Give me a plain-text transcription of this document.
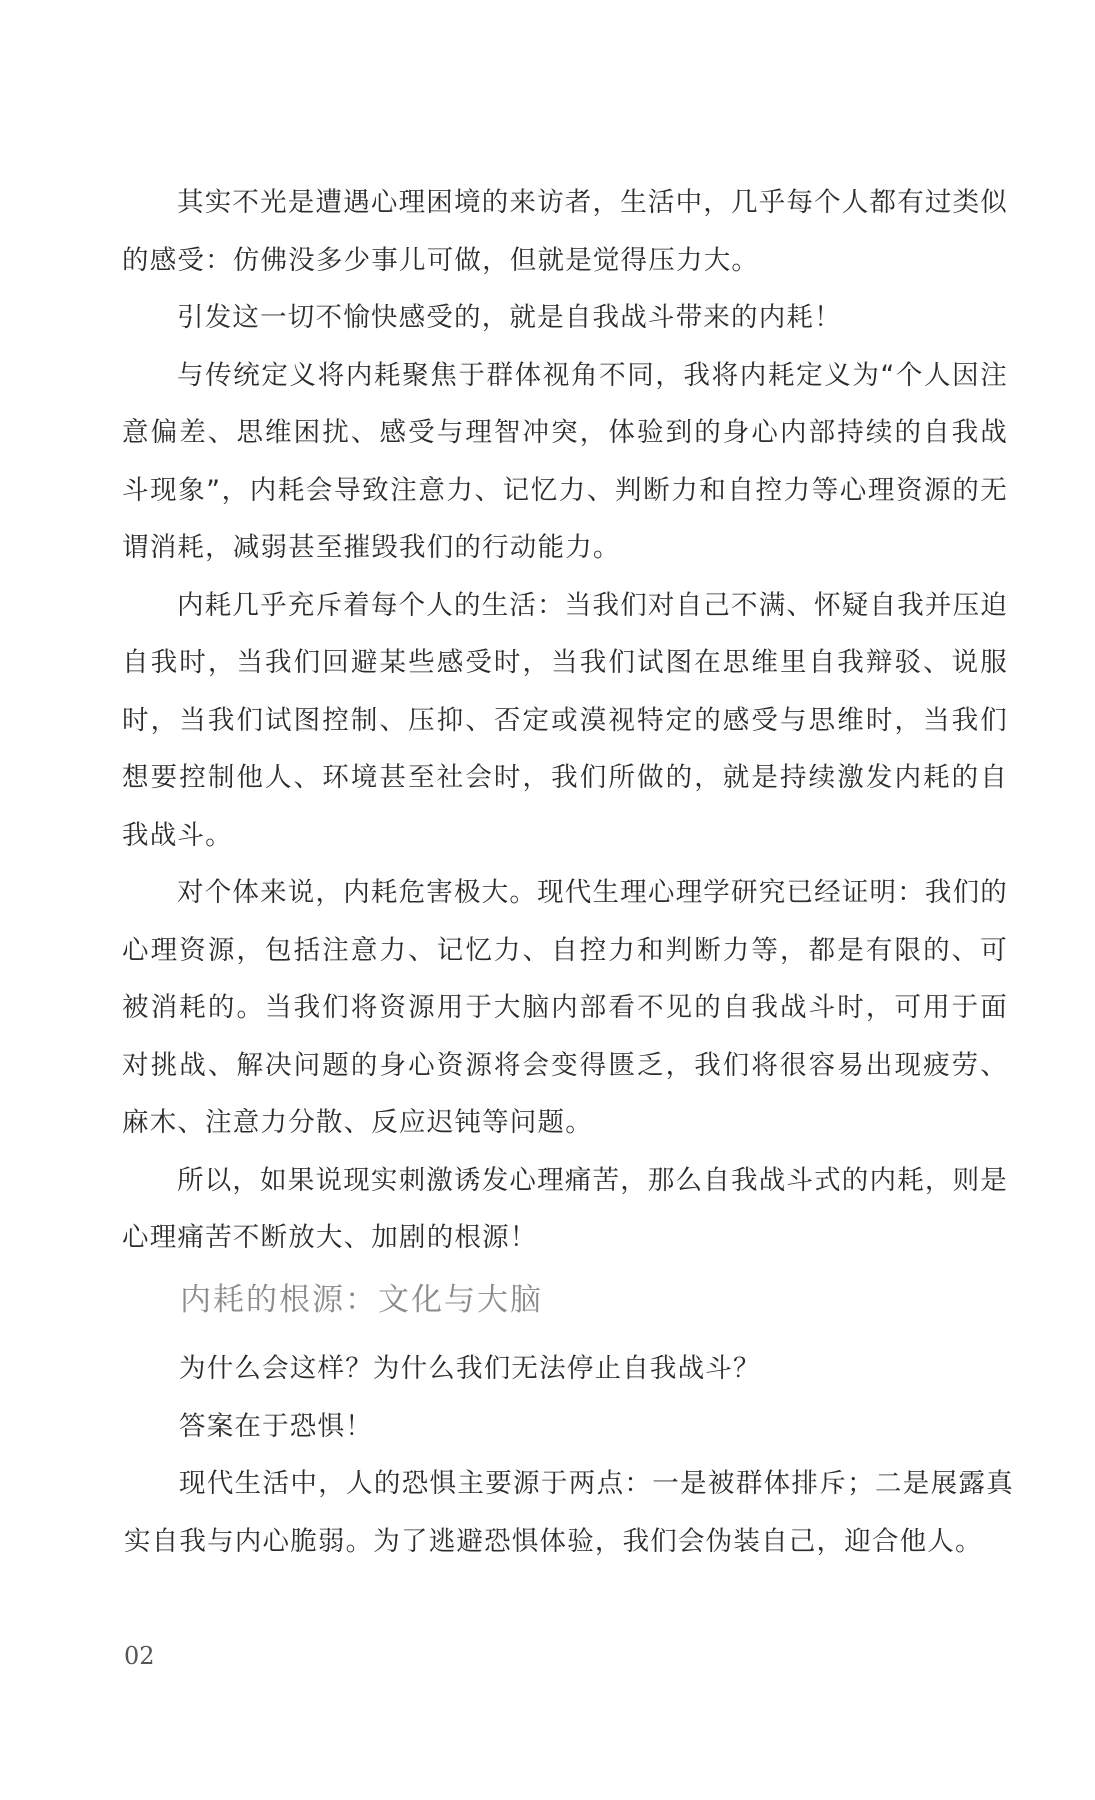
其实不光是遭遇心理困境的来访者，生活中，几乎每个人都有过类似的感受：仿佛没多少事儿可做，但就是觉得压力大。

引发这一切不愉快感受的，就是自我战斗带来的内耗！

与传统定义将内耗聚焦于群体视角不同，我将内耗定义为“个人因注意偏差、思维困扰、感受与理智冲突，体验到的身心内部持续的自我战斗现象”，内耗会导致注意力、记忆力、判断力和自控力等心理资源的无谓消耗，减弱甚至摧毁我们的行动能力。

内耗几乎充斥着每个人的生活：当我们对自己不满、怀疑自我并压迫自我时，当我们回避某些感受时，当我们试图在思维里自我辩驳、说服时，当我们试图控制、压抑、否定或漠视特定的感受与思维时，当我们想要控制他人、环境甚至社会时，我们所做的，就是持续激发内耗的自我战斗。

对个体来说，内耗危害极大。现代生理心理学研究已经证明：我们的心理资源，包括注意力、记忆力、自控力和判断力等，都是有限的、可被消耗的。当我们将资源用于大脑内部看不见的自我战斗时，可用于面对挑战、解决问题的身心资源将会变得匮乏，我们将很容易出现疲劳、麻木、注意力分散、反应迟钝等问题。

所以，如果说现实刺激诱发心理痛苦，那么自我战斗式的内耗，则是心理痛苦不断放大、加剧的根源！

内耗的根源：文化与大脑

为什么会这样？为什么我们无法停止自我战斗？

答案在于恐惧！

现代生活中，人的恐惧主要源于两点：一是被群体排斥；二是展露真实自我与内心脆弱。为了逃避恐惧体验，我们会伪装自己，迎合他人。

02
